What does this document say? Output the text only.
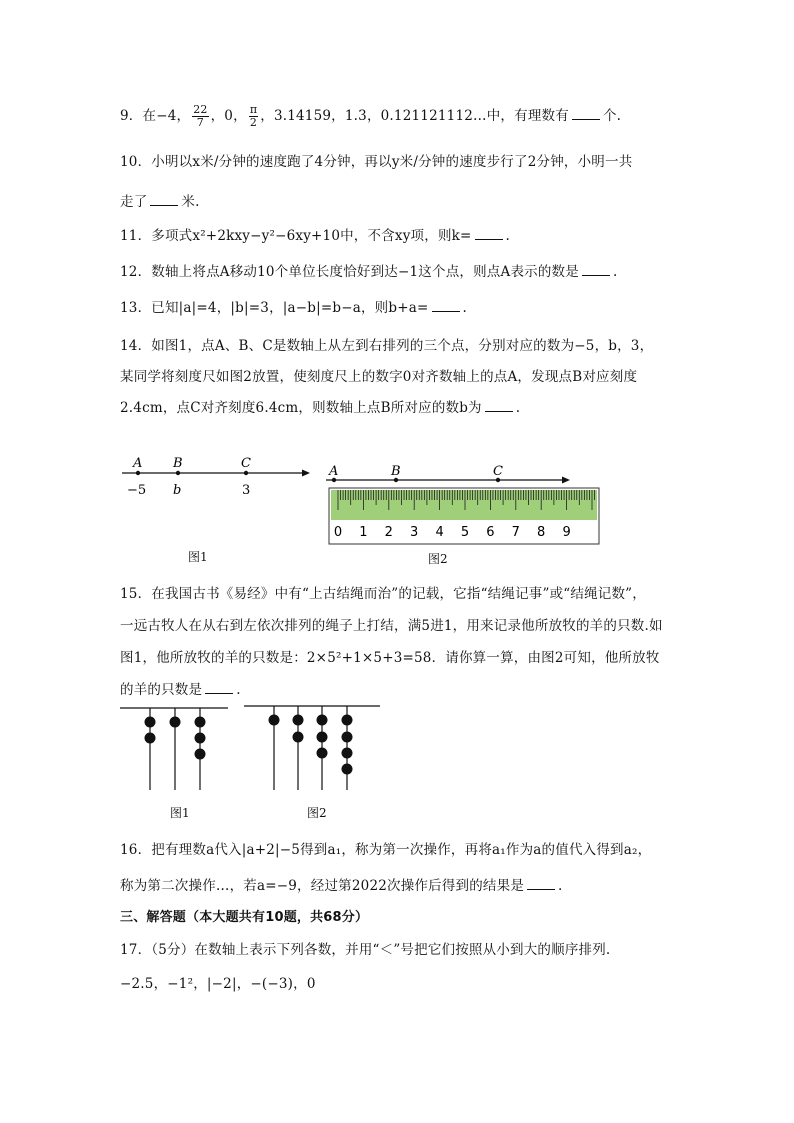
9．在−4， $\frac{22}{7}$ ，0， $\frac{\pi}{2}$ ，3.14159，1.3，0.121121112…中，有理数有	个.
10．小明以x米/分钟的速度跑了4分钟，再以y米/分钟的速度步行了2分钟，小明一共
走了	米.
11．多项式x²+2kxy−y²−6xy+10中，不含xy项，则k=	.
12．数轴上将点A移动10个单位长度恰好到达−1这个点，则点A表示的数是	.
13．已知|a|=4，|b|=3，|a−b|=b−a，则b+a=	.
14．如图1，点A、B、C是数轴上从左到右排列的三个点，分别对应的数为−5，b，3，
某同学将刻度尺如图2放置，使刻度尺上的数字0对齐数轴上的点A，发现点B对应刻度
2.4cm，点C对齐刻度6.4cm，则数轴上点B所对应的数b为	.
A B	C
−5 b	3
图1
A	B	C
0 1 2 3 4 5 6 7 8 9
图2
15．在我国古书《易经》中有“上古结绳而治”的记载，它指“结绳记事”或“结绳记数”，
一远古牧人在从右到左依次排列的绳子上打结，满5进1，用来记录他所放牧的羊的只数.如
图1，他所放牧的羊的只数是：2×5²+1×5+3=58．请你算一算，由图2可知，他所放牧
的羊的只数是	.
图1	图2
16．把有理数a代入|a+2|−5得到a₁，称为第一次操作，再将a₁作为a的值代入得到a₂，
称为第二次操作…，若a=−9，经过第2022次操作后得到的结果是	.
三、解答题（本大题共有10题，共68分）
17．（5分）在数轴上表示下列各数，并用“＜”号把它们按照从小到大的顺序排列.
−2.5，−1²，|−2|，−(−3)，0
